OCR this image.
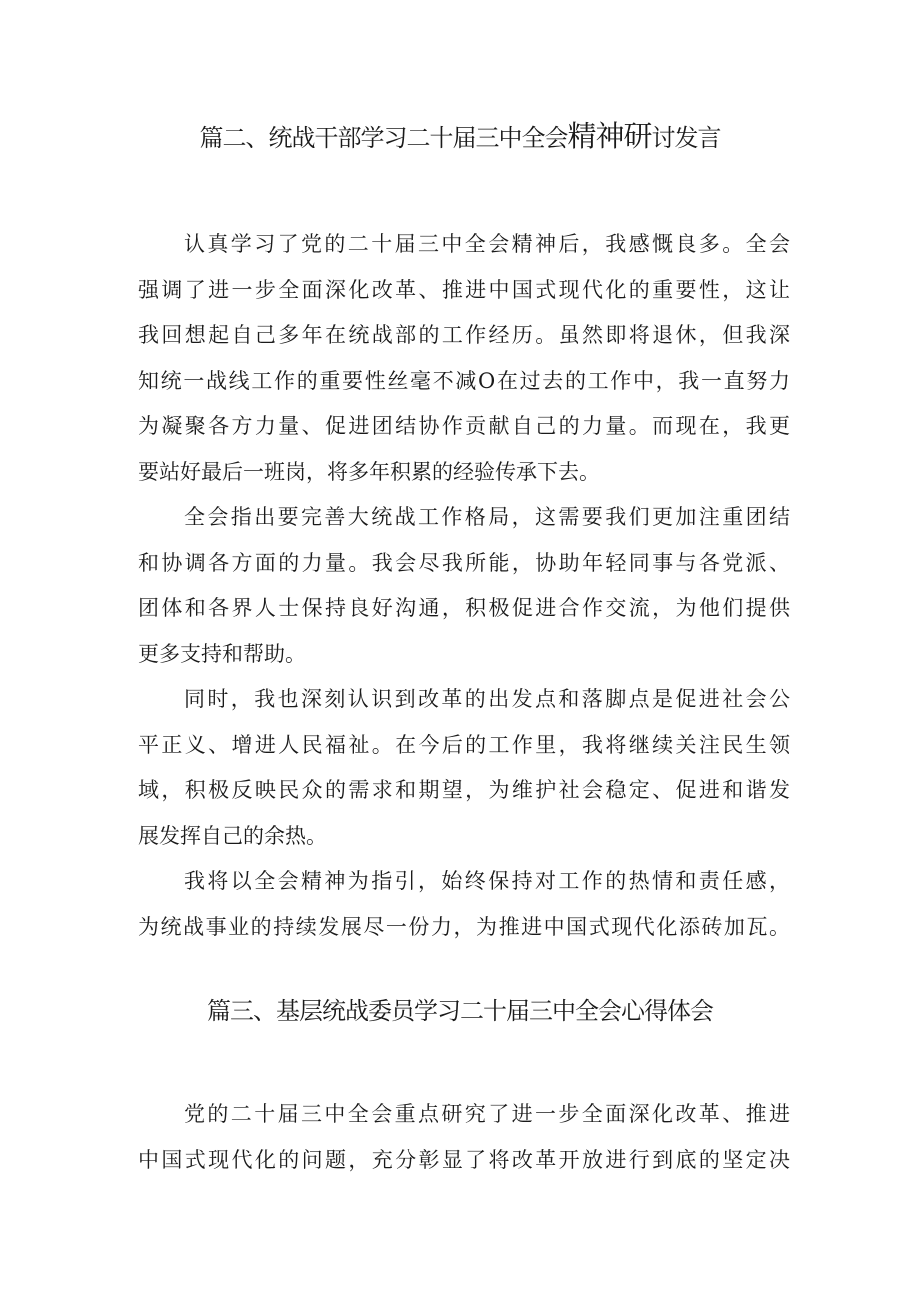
篇二、统战干部学习二十届三中全会精神研讨发言
认真学习了党的二十届三中全会精神后，我感慨良多。全会
强调了进一步全面深化改革、推进中国式现代化的重要性，这让
我回想起自己多年在统战部的工作经历。虽然即将退休，但我深
知统一战线工作的重要性丝毫不减O在过去的工作中，我一直努力
为凝聚各方力量、促进团结协作贡献自己的力量。而现在，我更
要站好最后一班岗，将多年积累的经验传承下去。
全会指出要完善大统战工作格局，这需要我们更加注重团结
和协调各方面的力量。我会尽我所能，协助年轻同事与各党派、
团体和各界人士保持良好沟通，积极促进合作交流，为他们提供
更多支持和帮助。
同时，我也深刻认识到改革的出发点和落脚点是促进社会公
平正义、增进人民福祉。在今后的工作里，我将继续关注民生领
域，积极反映民众的需求和期望，为维护社会稳定、促进和谐发
展发挥自己的余热。
我将以全会精神为指引，始终保持对工作的热情和责任感，
为统战事业的持续发展尽一份力，为推进中国式现代化添砖加瓦。
篇三、基层统战委员学习二十届三中全会心得体会
党的二十届三中全会重点研究了进一步全面深化改革、推进
中国式现代化的问题，充分彰显了将改革开放进行到底的坚定决
